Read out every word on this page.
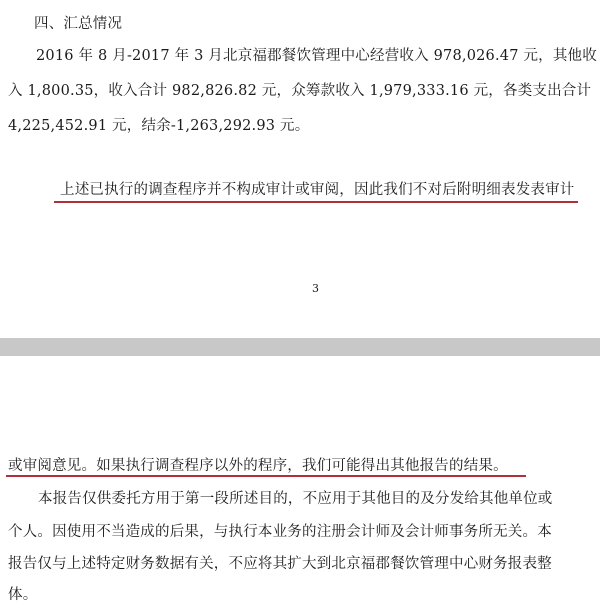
四、汇总情况
2016 年 8 月-2017 年 3 月北京福郡餐饮管理中心经营收入 978,026.47 元，其他收
入 1,800.35，收入合计 982,826.82 元，众筹款收入 1,979,333.16 元，各类支出合计
4,225,452.91 元，结余-1,263,292.93 元。
上述已执行的调查程序并不构成审计或审阅，因此我们不对后附明细表发表审计
3
或审阅意见。如果执行调查程序以外的程序，我们可能得出其他报告的结果。
本报告仅供委托方用于第一段所述目的，不应用于其他目的及分发给其他单位或
个人。因使用不当造成的后果，与执行本业务的注册会计师及会计师事务所无关。本
报告仅与上述特定财务数据有关，不应将其扩大到北京福郡餐饮管理中心财务报表整
体。
